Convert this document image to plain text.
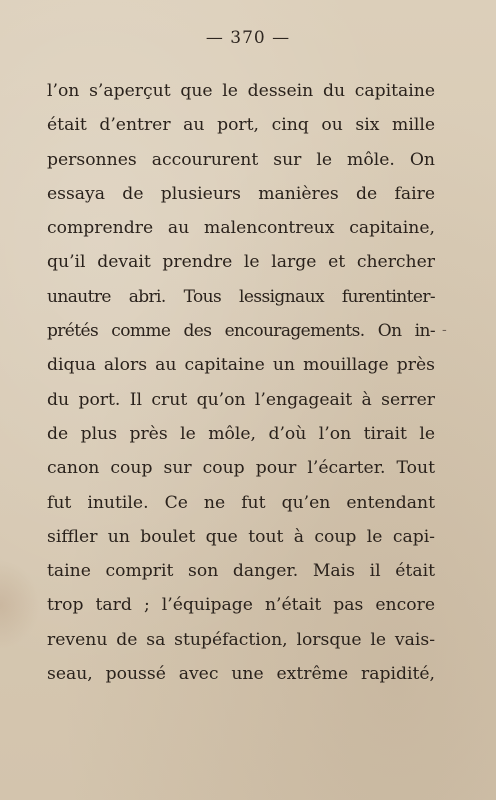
— 370 —
l’on s’aperçut que le dessein du capitaine
était d’entrer au port, cinq ou six mille
personnes accoururent sur le môle. On
essaya de plusieurs manières de faire
comprendre au malencontreux capitaine,
qu’il devait prendre le large et chercher
unautre abri. Tous lessignaux furentinter-
prétés comme des encouragements. On in-
diqua alors au capitaine un mouillage près
du port. Il crut qu’on l’engageait à serrer
de plus près le môle, d’où l’on tirait le
canon coup sur coup pour l’écarter. Tout
fut inutile. Ce ne fut qu’en entendant
siffler un boulet que tout à coup le capi-
taine comprit son danger. Mais il était
trop tard ; l’équipage n’était pas encore
revenu de sa stupéfaction, lorsque le vais-
seau, poussé avec une extrême rapidité,
-
